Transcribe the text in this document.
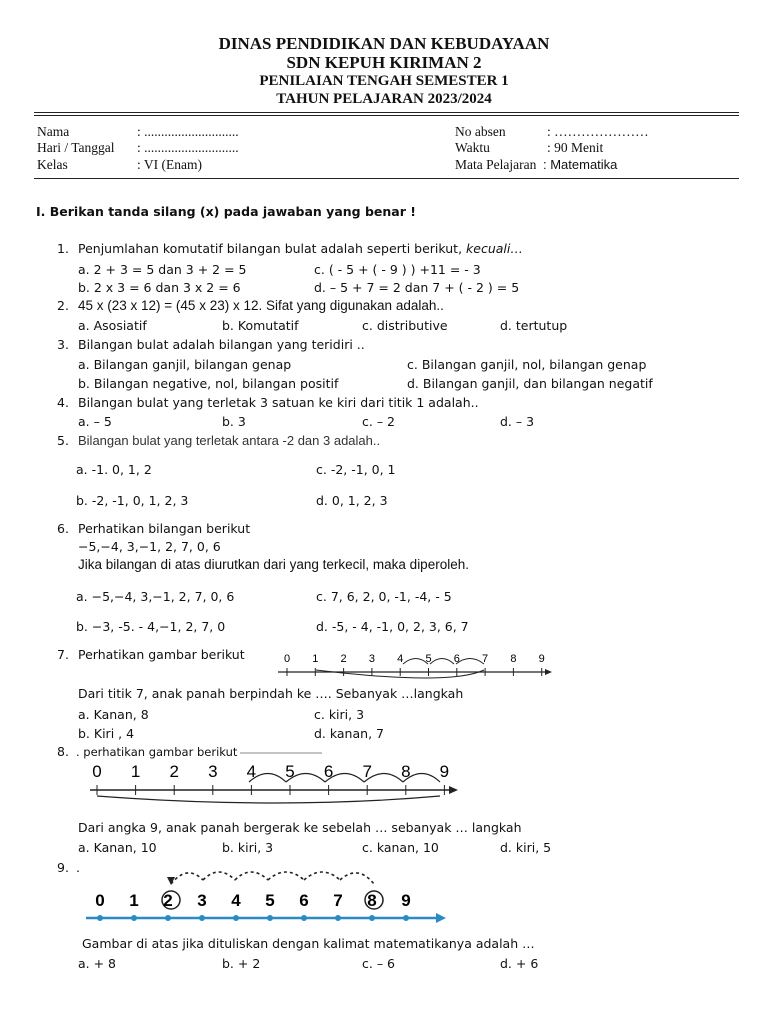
DINAS PENDIDIKAN DAN KEBUDAYAAN
SDN KEPUH KIRIMAN 2
PENILAIAN TENGAH SEMESTER 1
TAHUN PELAJARAN 2023/2024
Nama	: ............................
Hari / Tanggal : ............................
Kelas	: VI (Enam)
No absen	: …………………
Waktu	: 90 Menit
Mata Pelajaran : Matematika
I. Berikan tanda silang (x) pada jawaban yang benar !
1. Penjumlahan komutatif bilangan bulat adalah seperti berikut, kecuali…
a. 2 + 3 = 5 dan 3 + 2 = 5	c. ( - 5 + ( - 9 ) ) +11 = - 3
b. 2 x 3 = 6 dan 3 x 2 = 6	d. – 5 + 7 = 2 dan 7 + ( - 2 ) = 5
2. 45 x (23 x 12) = (45 x 23) x 12. Sifat yang digunakan adalah..
a. Asosiatif	b. Komutatif	c. distributive	d. tertutup
3. Bilangan bulat adalah bilangan yang teridiri ..
a. Bilangan ganjil, bilangan genap	c. Bilangan ganjil, nol, bilangan genap
b. Bilangan negative, nol, bilangan positif	d. Bilangan ganjil, dan bilangan negatif
4. Bilangan bulat yang terletak 3 satuan ke kiri dari titik 1 adalah..
a. – 5	b. 3	c. – 2	d. – 3
5. Bilangan bulat yang terletak antara -2 dan 3 adalah..
a. -1. 0, 1, 2	c. -2, -1, 0, 1
b. -2, -1, 0, 1, 2, 3	d. 0, 1, 2, 3
6. Perhatikan bilangan berikut
−5,−4, 3,−1, 2, 7, 0, 6
Jika bilangan di atas diurutkan dari yang terkecil, maka diperoleh.
a. −5,−4, 3,−1, 2, 7, 0, 6	c. 7, 6, 2, 0, -1, -4, - 5
b. −3, -5. - 4,−1, 2, 7, 0	d. -5, - 4, -1, 0, 2, 3, 6, 7
7. Perhatikan gambar berikut	0 1 2 3 4 5 6 7 8 9
Dari titik 7, anak panah berpindah ke …. Sebanyak …langkah
a. Kanan, 8	c. kiri, 3
b. Kiri , 4	d. kanan, 7
8. . perhatikan gambar berikut
0 1 2 3 4 5 6 7 8 9
Dari angka 9, anak panah bergerak ke sebelah … sebanyak … langkah
a. Kanan, 10	b. kiri, 3	c. kanan, 10	d. kiri, 5
9. .
0 1 2 3 4 5 6 7 8 9
Gambar di atas jika dituliskan dengan kalimat matematikanya adalah …
a. + 8	b. + 2	c. – 6	d. + 6
